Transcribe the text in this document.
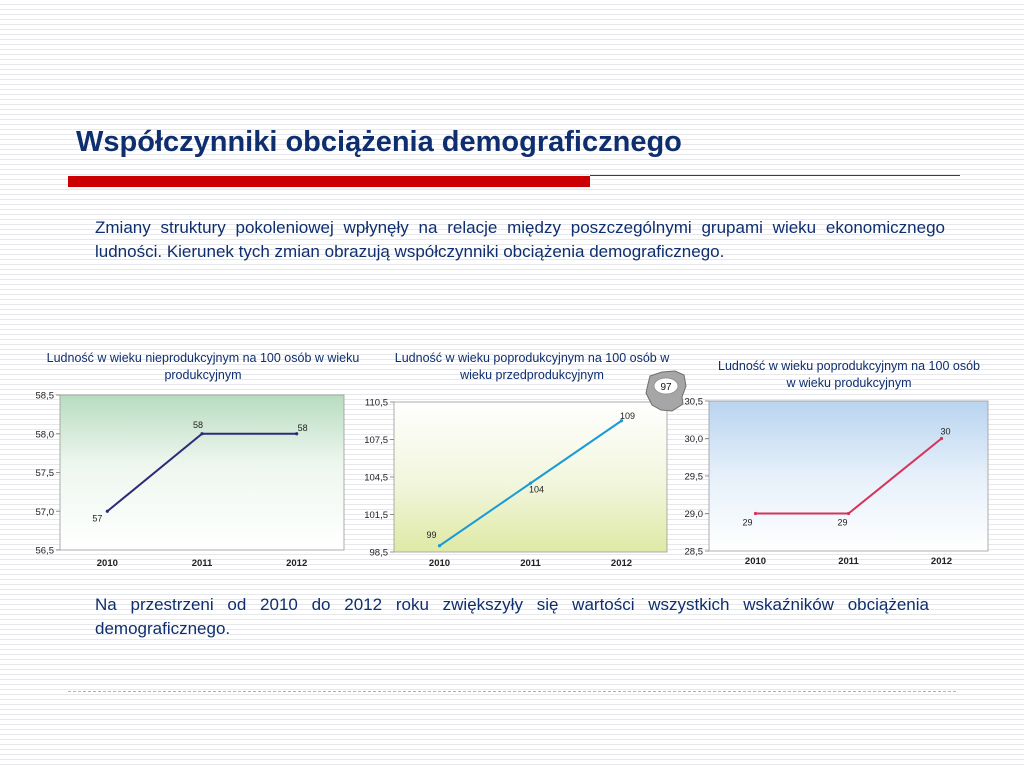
Współczynniki obciążenia demograficznego
Zmiany struktury pokoleniowej wpłynęły na relacje między poszczególnymi grupami wieku ekonomicznego ludności. Kierunek tych zmian obrazują współczynniki obciążenia demograficznego.
Ludność w wieku nieprodukcyjnym na 100 osób w wieku produkcyjnym
58,5
58,0
57,5
57,0
56,5
2010	2011	2012
57
58	58
Ludność w wieku poprodukcyjnym na 100 osób w wieku przedprodukcyjnym
110,5
107,5
104,5
101,5
98,5
2010	2011	2012
99
104
109
97
Ludność w wieku poprodukcyjnym na 100 osób w wieku produkcyjnym
30,5
30,0
29,5
29,0
28,5
2010	2011	2012
29	29
30
Na przestrzeni od 2010 do 2012 roku zwiększyły się wartości wszystkich wskaźników obciążenia demograficznego.
